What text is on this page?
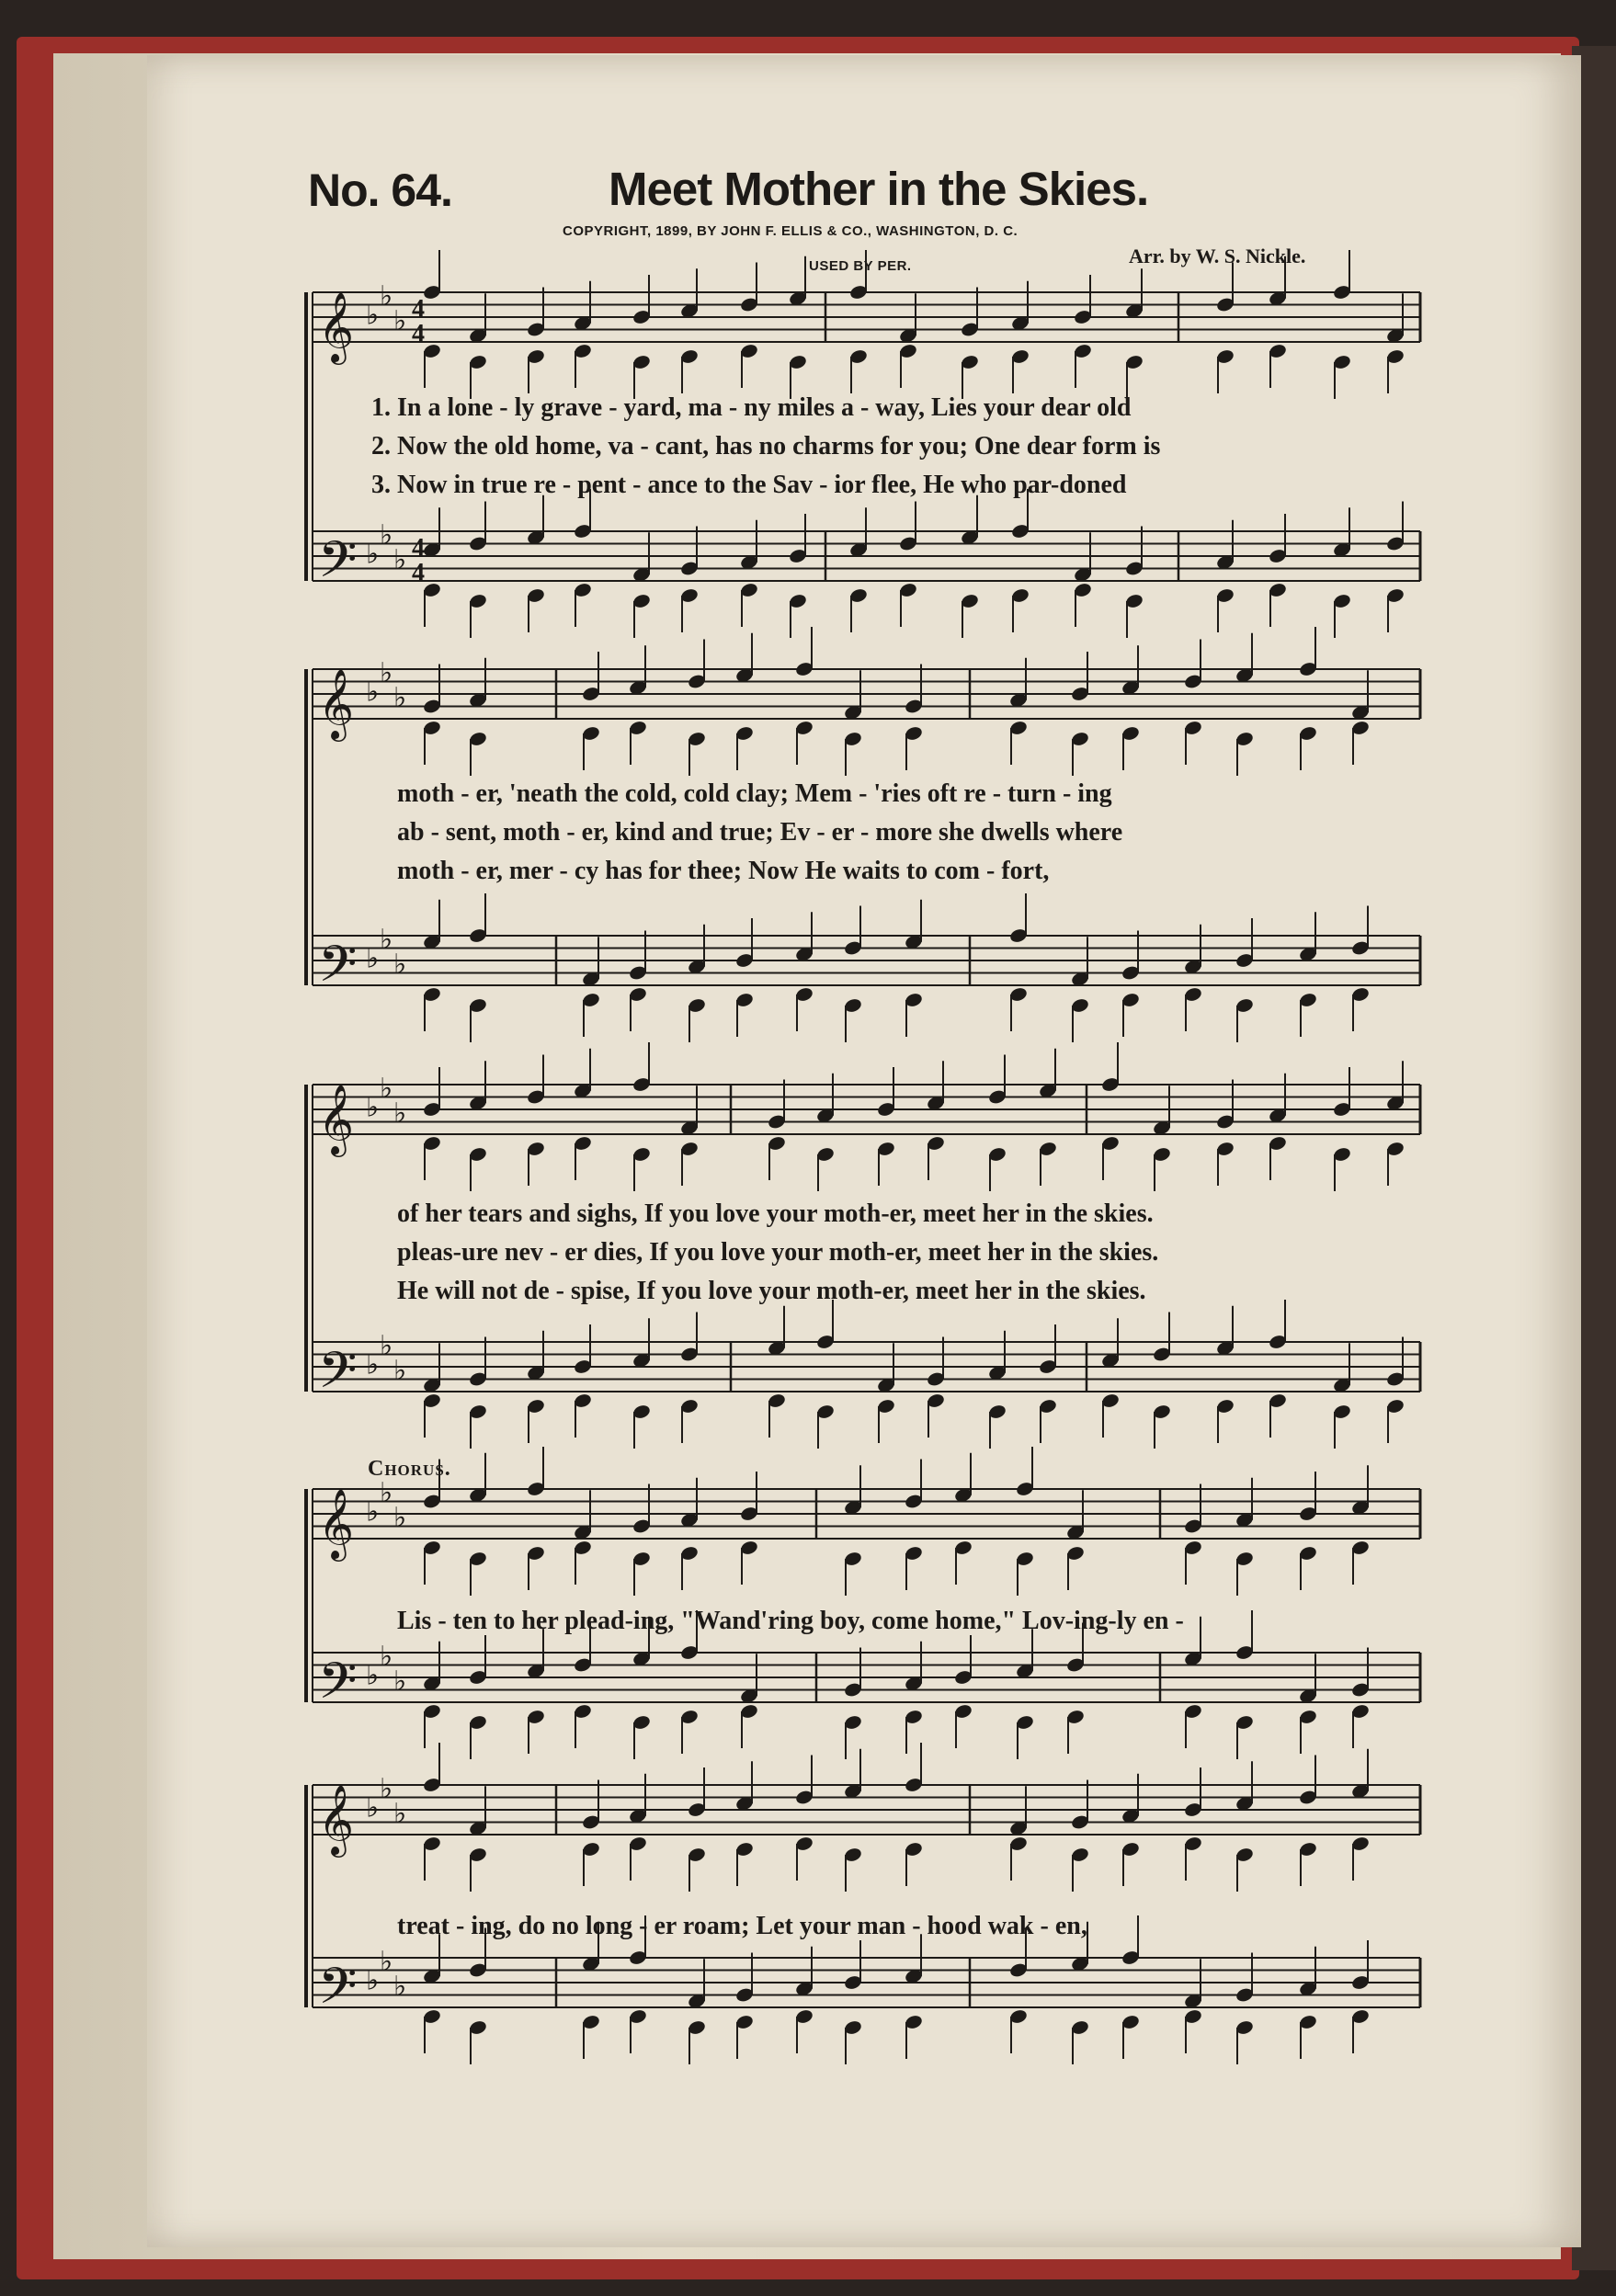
No. 64.	Meet Mother in the Skies.
COPYRIGHT, 1899, BY JOHN F. ELLIS & CO., WASHINGTON, D. C.
USED BY PER.	Arr. by W. S. Nickle.
𝄞 ♭
♭
♭
𝄢 ♭
♭
♭
𝄞 ♭
♭
♭
𝄢 ♭
♭
♭
𝄞 ♭
♭
♭
𝄢 ♭
♭
♭
𝄞 ♭
♭
♭
𝄢 ♭
♭
♭
𝄞 ♭
♭
♭
𝄢 ♭
♭
♭
4
4
4
4
1. In a lone - ly grave - yard, ma - ny miles a - way, Lies your dear old
2. Now the old home, va - cant, has no charms for you; One dear form is
3. Now in true re - pent - ance to the Sav - ior flee, He who par-doned
moth - er, 'neath the cold, cold clay; Mem - 'ries oft re - turn - ing
ab - sent, moth - er, kind and true; Ev - er - more she dwells where
moth - er, mer - cy has for thee; Now He waits to com - fort,
of her tears and sighs, If you love your moth-er, meet her in the skies.
pleas-ure nev - er dies, If you love your moth-er, meet her in the skies.
He will not de - spise, If you love your moth-er, meet her in the skies.
Chorus.
Lis - ten to her plead-ing, "Wand'ring boy, come home," Lov-ing-ly en -
treat - ing, do no long - er roam; Let your man - hood wak - en,
